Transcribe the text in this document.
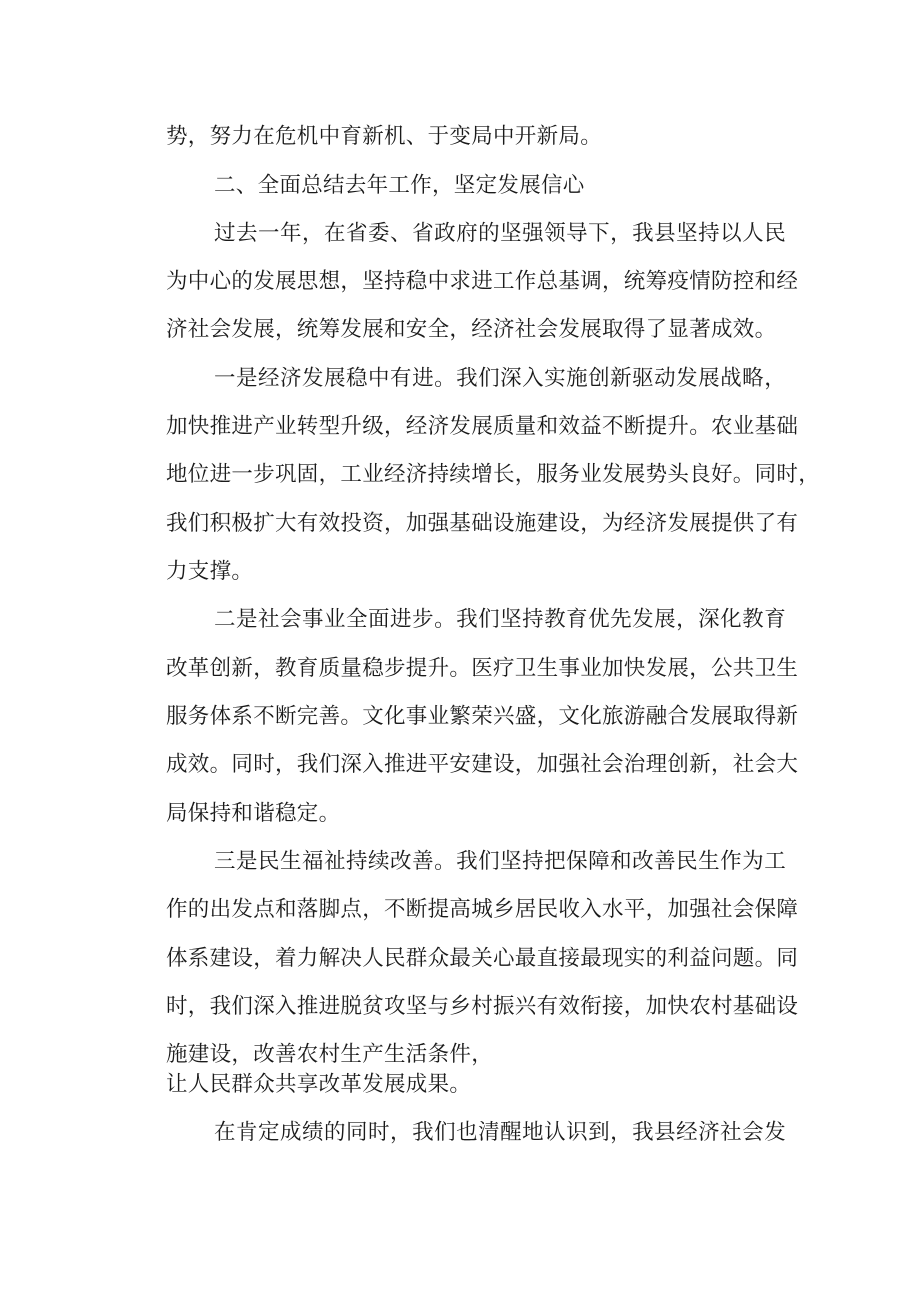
势，努力在危机中育新机、于变局中开新局。
二、全面总结去年工作，坚定发展信心
过去一年，在省委、省政府的坚强领导下，我县坚持以人民
为中心的发展思想，坚持稳中求进工作总基调，统筹疫情防控和经
济社会发展，统筹发展和安全，经济社会发展取得了显著成效。
一是经济发展稳中有进。我们深入实施创新驱动发展战略，
加快推进产业转型升级，经济发展质量和效益不断提升。农业基础
地位进一步巩固，工业经济持续增长，服务业发展势头良好。同时，
我们积极扩大有效投资，加强基础设施建设，为经济发展提供了有
力支撑。
二是社会事业全面进步。我们坚持教育优先发展，深化教育
改革创新，教育质量稳步提升。医疗卫生事业加快发展，公共卫生
服务体系不断完善。文化事业繁荣兴盛，文化旅游融合发展取得新
成效。同时，我们深入推进平安建设，加强社会治理创新，社会大
局保持和谐稳定。
三是民生福祉持续改善。我们坚持把保障和改善民生作为工
作的出发点和落脚点，不断提高城乡居民收入水平，加强社会保障
体系建设，着力解决人民群众最关心最直接最现实的利益问题。同
时，我们深入推进脱贫攻坚与乡村振兴有效衔接，加快农村基础设
施建设，改善农村生产生活条件，
让人民群众共享改革发展成果。
在肯定成绩的同时，我们也清醒地认识到，我县经济社会发
